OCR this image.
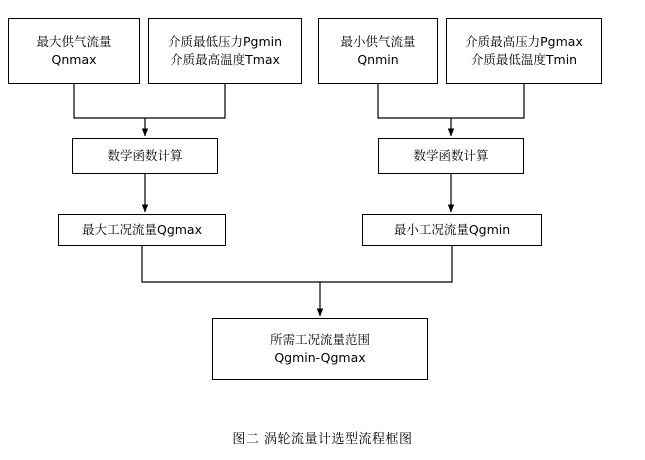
最大供气流量
Qnmax
介质最低压力Pgmin
介质最高温度Tmax
最小供气流量
Qnmin
介质最高压力Pgmax
介质最低温度Tmin
数学函数计算	数学函数计算
最大工况流量Qgmax	最小工况流量Qgmin
所需工况流量范围
Qgmin-Qgmax
图二 涡轮流量计选型流程框图
